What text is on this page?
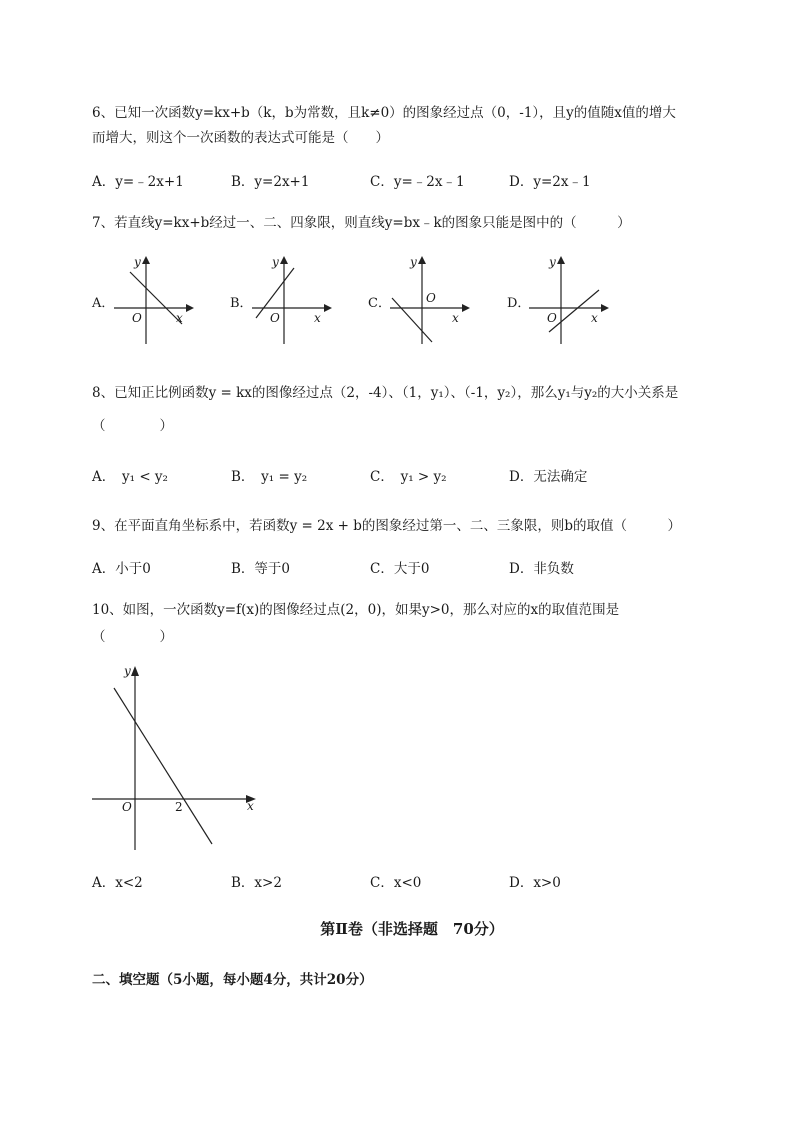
6、已知一次函数y=kx+b（k，b为常数，且k≠0）的图象经过点（0，-1），且y的值随x值的增大
而增大，则这个一次函数的表达式可能是（　　）
A．y=﹣2x+1	B．y=2x+1	C．y=﹣2x﹣1	D．y=2x﹣1
7、若直线y=kx+b经过一、二、四象限，则直线y=bx﹣k的图象只能是图中的（　　　）
A．
y
x
O
B．
y
x
O
C．
y
x
O	D．
y
x
O
8、已知正比例函数y = kx的图像经过点（2，-4）、（1，y₁）、（-1，y₂），那么y₁与y₂的大小关系是
（　　　　）
A．　y₁ < y₂	B．　y₁ = y₂	C．　y₁ > y₂	D．无法确定
9、在平面直角坐标系中，若函数y = 2x + b的图象经过第一、二、三象限，则b的取值（　　　）
A．小于0	B．等于0	C．大于0	D．非负数
10、如图，一次函数y=f(x)的图像经过点(2，0)，如果y>0，那么对应的x的取值范围是
（　　　　）
y
x
O	2
A．x<2	B．x>2	C．x<0	D．x>0
第Ⅱ卷（非选择题　70分）
二、填空题（5小题，每小题4分，共计20分）
